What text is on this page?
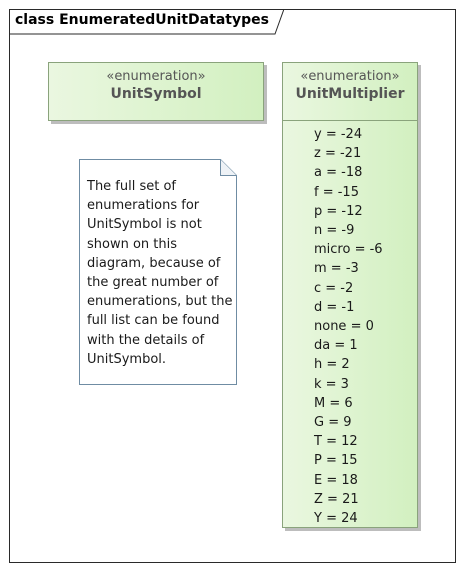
class EnumeratedUnitDatatypes
«enumeration»
UnitSymbol
«enumeration»
UnitMultiplier
y = -24
z = -21
a = -18
f = -15
p = -12
n = -9
micro = -6
m = -3
c = -2
d = -1
none = 0
da = 1
h = 2
k = 3
M = 6
G = 9
T = 12
P = 15
E = 18
Z = 21
Y = 24
The full set of enumerations for UnitSymbol is not shown on this diagram, because of the great number of enumerations, but the full list can be found with the details of UnitSymbol.
